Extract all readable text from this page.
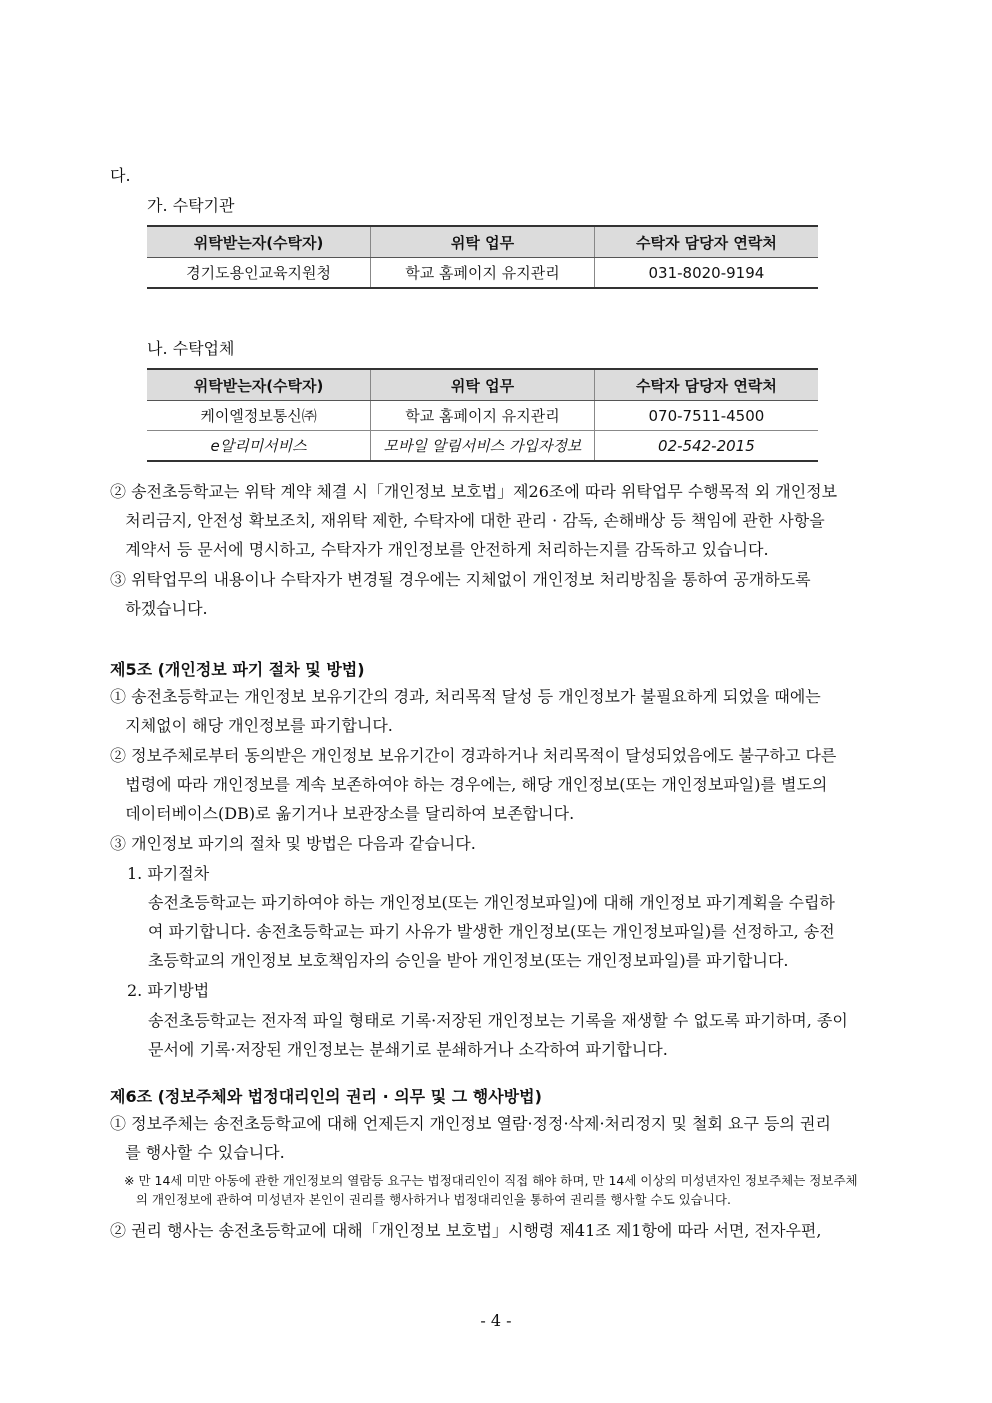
다.
가. 수탁기관
위탁받는자(수탁자)	위탁 업무	수탁자 담당자 연락처
경기도용인교육지원청	학교 홈페이지 유지관리	031-8020-9194
나. 수탁업체
위탁받는자(수탁자)	위탁 업무	수탁자 담당자 연락처
케이엘정보통신㈜	학교 홈페이지 유지관리	070-7511-4500
e알리미서비스	모바일 알림서비스 가입자정보	02-542-2015
② 송전초등학교는 위탁 계약 체결 시「개인정보 보호법」제26조에 따라 위탁업무 수행목적 외 개인정보
처리금지, 안전성 확보조치, 재위탁 제한, 수탁자에 대한 관리 · 감독, 손해배상 등 책임에 관한 사항을
계약서 등 문서에 명시하고, 수탁자가 개인정보를 안전하게 처리하는지를 감독하고 있습니다.
③ 위탁업무의 내용이나 수탁자가 변경될 경우에는 지체없이 개인정보 처리방침을 통하여 공개하도록
하겠습니다.
제5조 (개인정보 파기 절차 및 방법)
① 송전초등학교는 개인정보 보유기간의 경과, 처리목적 달성 등 개인정보가 불필요하게 되었을 때에는
지체없이 해당 개인정보를 파기합니다.
② 정보주체로부터 동의받은 개인정보 보유기간이 경과하거나 처리목적이 달성되었음에도 불구하고 다른
법령에 따라 개인정보를 계속 보존하여야 하는 경우에는, 해당 개인정보(또는 개인정보파일)를 별도의
데이터베이스(DB)로 옮기거나 보관장소를 달리하여 보존합니다.
③ 개인정보 파기의 절차 및 방법은 다음과 같습니다.
1. 파기절차
송전초등학교는 파기하여야 하는 개인정보(또는 개인정보파일)에 대해 개인정보 파기계획을 수립하
여 파기합니다. 송전초등학교는 파기 사유가 발생한 개인정보(또는 개인정보파일)를 선정하고, 송전
초등학교의 개인정보 보호책임자의 승인을 받아 개인정보(또는 개인정보파일)를 파기합니다.
2. 파기방법
송전초등학교는 전자적 파일 형태로 기록·저장된 개인정보는 기록을 재생할 수 없도록 파기하며, 종이
문서에 기록·저장된 개인정보는 분쇄기로 분쇄하거나 소각하여 파기합니다.
제6조 (정보주체와 법정대리인의 권리 · 의무 및 그 행사방법)
① 정보주체는 송전초등학교에 대해 언제든지 개인정보 열람·정정·삭제·처리정지 및 철회 요구 등의 권리
를 행사할 수 있습니다.
※ 만 14세 미만 아동에 관한 개인정보의 열람등 요구는 법정대리인이 직접 해야 하며, 만 14세 이상의 미성년자인 정보주체는 정보주체
의 개인정보에 관하여 미성년자 본인이 권리를 행사하거나 법정대리인을 통하여 권리를 행사할 수도 있습니다.
② 권리 행사는 송전초등학교에 대해「개인정보 보호법」시행령 제41조 제1항에 따라 서면, 전자우편,
- 4 -
